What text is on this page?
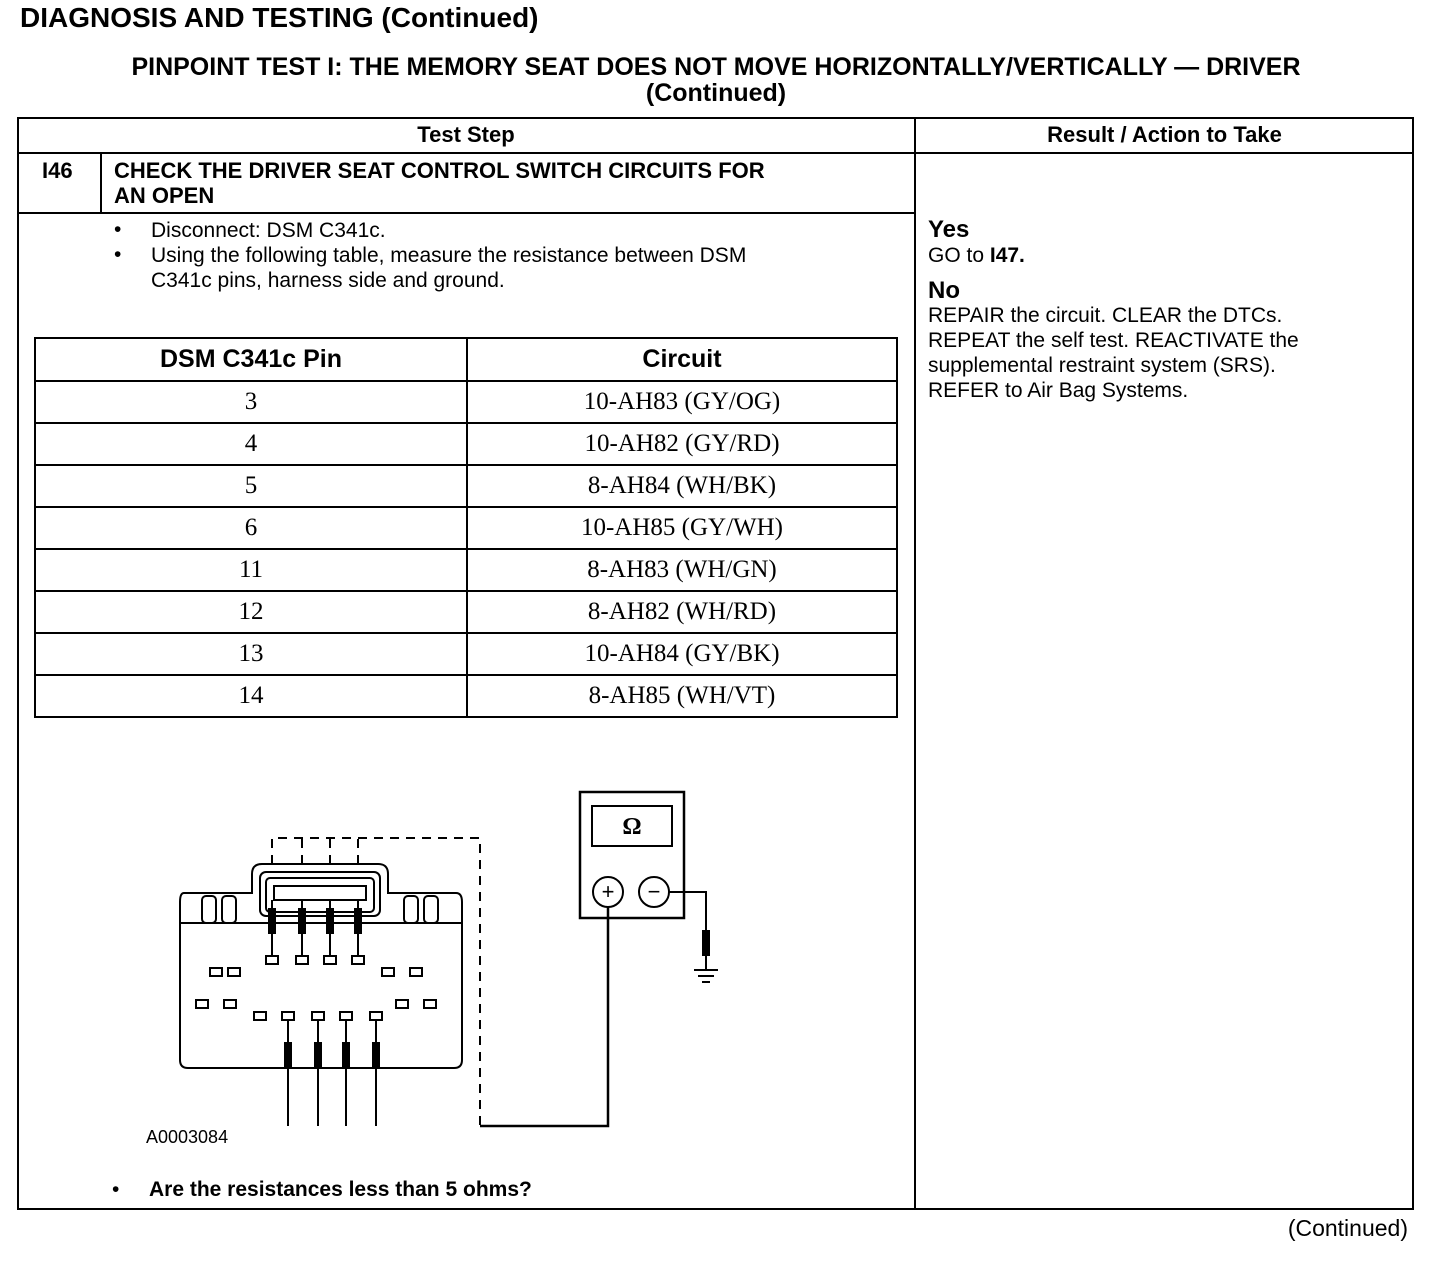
DIAGNOSIS AND TESTING (Continued)
PINPOINT TEST I: THE MEMORY SEAT DOES NOT MOVE HORIZONTALLY/VERTICALLY — DRIVER
(Continued)
Test Step	Result / Action to Take
I46 CHECK THE DRIVER SEAT CONTROL SWITCH CIRCUITS FOR
AN OPEN
• Disconnect: DSM C341c.
• Using the following table, measure the resistance between DSM
C341c pins, harness side and ground.
DSM C341c Pin	Circuit
3	10-AH83 (GY/OG)
4	10-AH82 (GY/RD)
5	8-AH84 (WH/BK)
6	10-AH85 (GY/WH)
11	8-AH83 (WH/GN)
12	8-AH82 (WH/RD)
13	10-AH84 (GY/BK)
14	8-AH85 (WH/VT)
Ω
+ −
A0003084
• Are the resistances less than 5 ohms?
Yes
GO to I47.
No
REPAIR the circuit. CLEAR the DTCs.
REPEAT the self test. REACTIVATE the
supplemental restraint system (SRS).
REFER to Air Bag Systems.
(Continued)
